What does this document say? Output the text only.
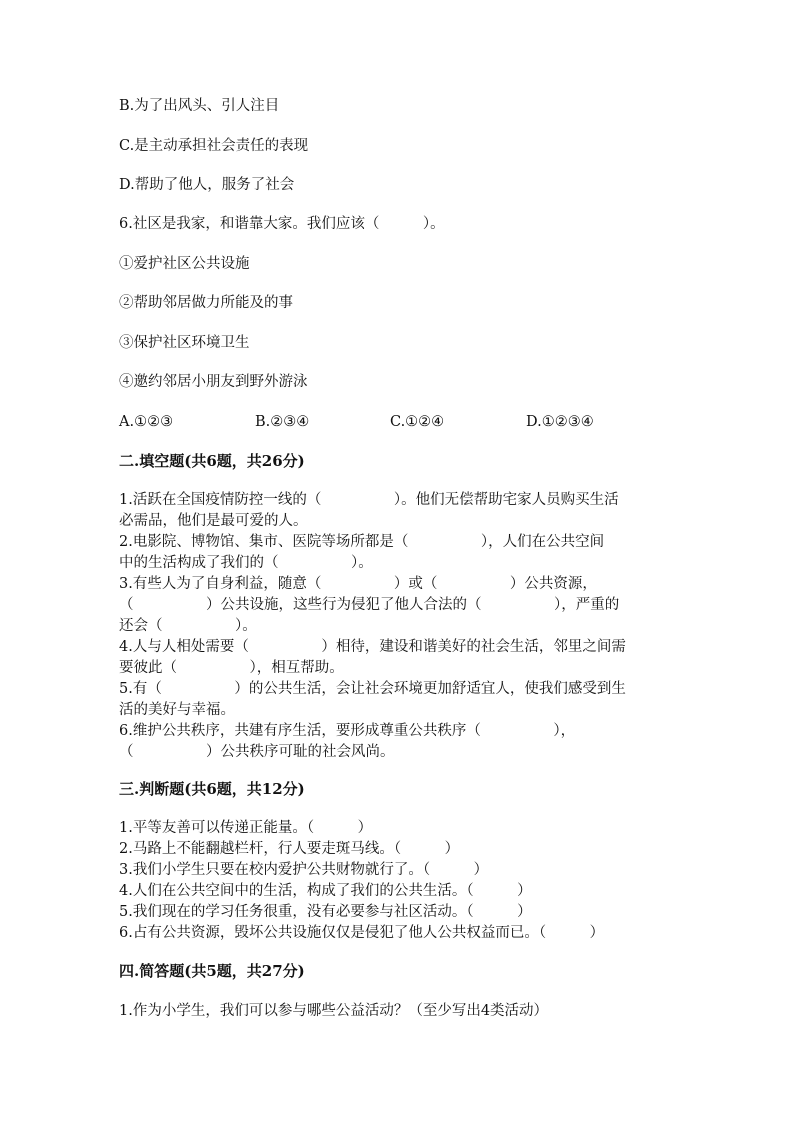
B.为了出风头、引人注目
C.是主动承担社会责任的表现
D.帮助了他人，服务了社会
6.社区是我家，和谐靠大家。我们应该（　　　）。
①爱护社区公共设施
②帮助邻居做力所能及的事
③保护社区环境卫生
④邀约邻居小朋友到野外游泳
A.①②③	B.②③④	C.①②④	D.①②③④
二.填空题(共6题，共26分)
1.活跃在全国疫情防控一线的（　　　　　）。他们无偿帮助宅家人员购买生活
必需品，他们是最可爱的人。
2.电影院、博物馆、集市、医院等场所都是（　　　　　），人们在公共空间
中的生活构成了我们的（　　　　　）。
3.有些人为了自身利益，随意（　　　　　）或（　　　　　）公共资源，
（　　　　　）公共设施，这些行为侵犯了他人合法的（　　　　　），严重的
还会（　　　　　）。
4.人与人相处需要（　　　　　）相待，建设和谐美好的社会生活，邻里之间需
要彼此（　　　　　），相互帮助。
5.有（　　　　　）的公共生活，会让社会环境更加舒适宜人，使我们感受到生
活的美好与幸福。
6.维护公共秩序，共建有序生活，要形成尊重公共秩序（　　　　　），
（　　　　　）公共秩序可耻的社会风尚。
三.判断题(共6题，共12分)
1.平等友善可以传递正能量。（　　　）
2.马路上不能翻越栏杆，行人要走斑马线。（　　　）
3.我们小学生只要在校内爱护公共财物就行了。（　　　）
4.人们在公共空间中的生活，构成了我们的公共生活。（　　　）
5.我们现在的学习任务很重，没有必要参与社区活动。（　　　）
6.占有公共资源，毁坏公共设施仅仅是侵犯了他人公共权益而已。（　　　）
四.简答题(共5题，共27分)
1.作为小学生，我们可以参与哪些公益活动？（至少写出4类活动）
